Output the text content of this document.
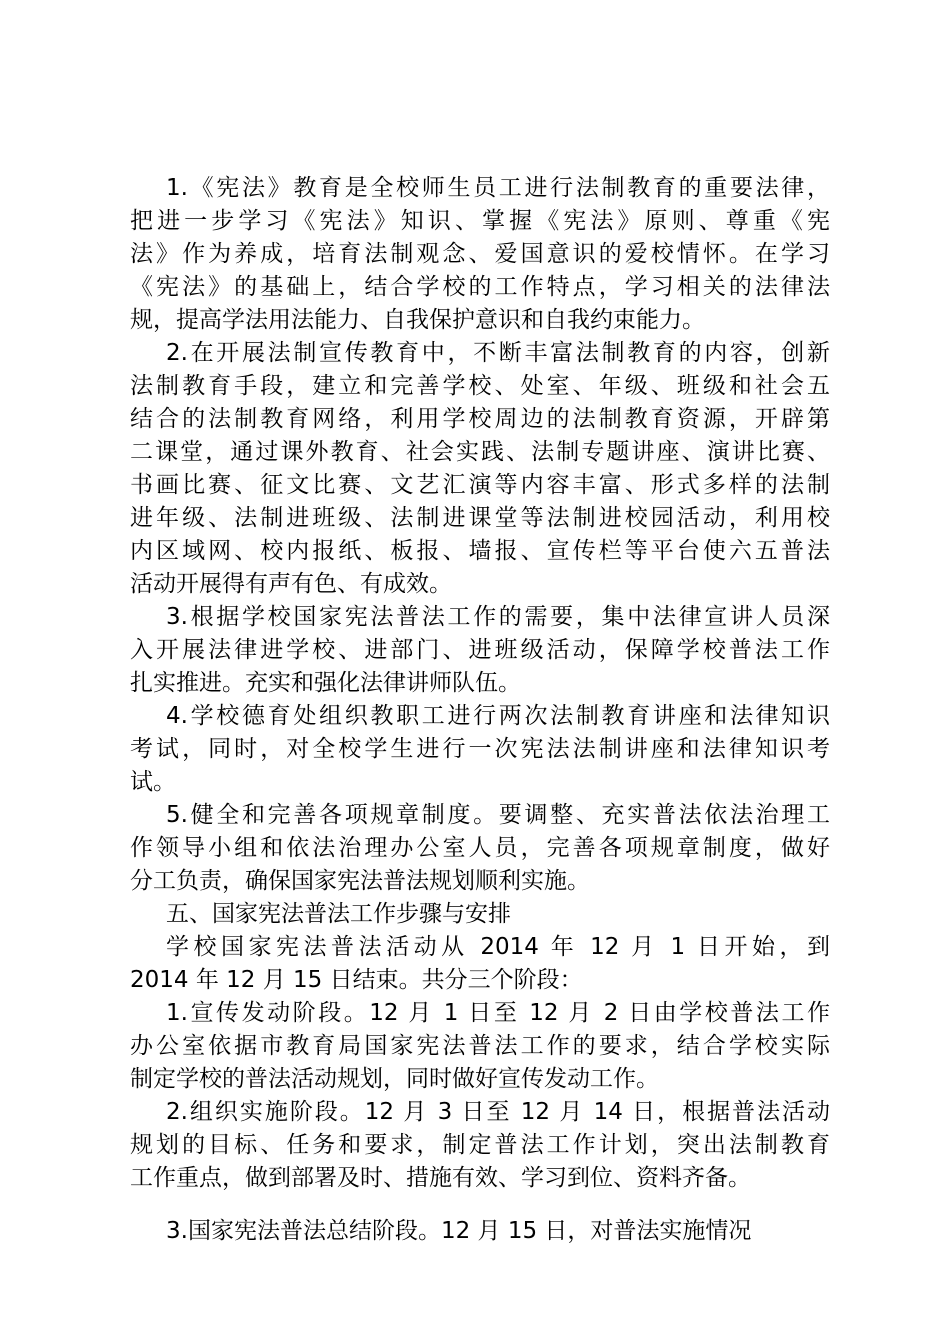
1.《宪法》教育是全校师生员工进行法制教育的重要法律，
把进一步学习《宪法》知识、掌握《宪法》原则、尊重《宪
法》作为养成，培育法制观念、爱国意识的爱校情怀。在学习
《宪法》的基础上，结合学校的工作特点，学习相关的法律法
规，提高学法用法能力、自我保护意识和自我约束能力。
2.在开展法制宣传教育中，不断丰富法制教育的内容，创新
法制教育手段，建立和完善学校、处室、年级、班级和社会五
结合的法制教育网络，利用学校周边的法制教育资源，开辟第
二课堂，通过课外教育、社会实践、法制专题讲座、演讲比赛、
书画比赛、征文比赛、文艺汇演等内容丰富、形式多样的法制
进年级、法制进班级、法制进课堂等法制进校园活动，利用校
内区域网、校内报纸、板报、墙报、宣传栏等平台使六五普法
活动开展得有声有色、有成效。
3.根据学校国家宪法普法工作的需要，集中法律宣讲人员深
入开展法律进学校、进部门、进班级活动，保障学校普法工作
扎实推进。充实和强化法律讲师队伍。
4.学校德育处组织教职工进行两次法制教育讲座和法律知识
考试，同时，对全校学生进行一次宪法法制讲座和法律知识考
试。
5.健全和完善各项规章制度。要调整、充实普法依法治理工
作领导小组和依法治理办公室人员，完善各项规章制度，做好
分工负责，确保国家宪法普法规划顺利实施。
五、国家宪法普法工作步骤与安排
学校国家宪法普法活动从 2014 年 12 月 1 日开始，到
2014 年 12 月 15 日结束。共分三个阶段：
1.宣传发动阶段。12 月 1 日至 12 月 2 日由学校普法工作
办公室依据市教育局国家宪法普法工作的要求，结合学校实际
制定学校的普法活动规划，同时做好宣传发动工作。
2.组织实施阶段。12 月 3 日至 12 月 14 日，根据普法活动
规划的目标、任务和要求，制定普法工作计划，突出法制教育
工作重点，做到部署及时、措施有效、学习到位、资料齐备。
3.国家宪法普法总结阶段。12 月 15 日，对普法实施情况
